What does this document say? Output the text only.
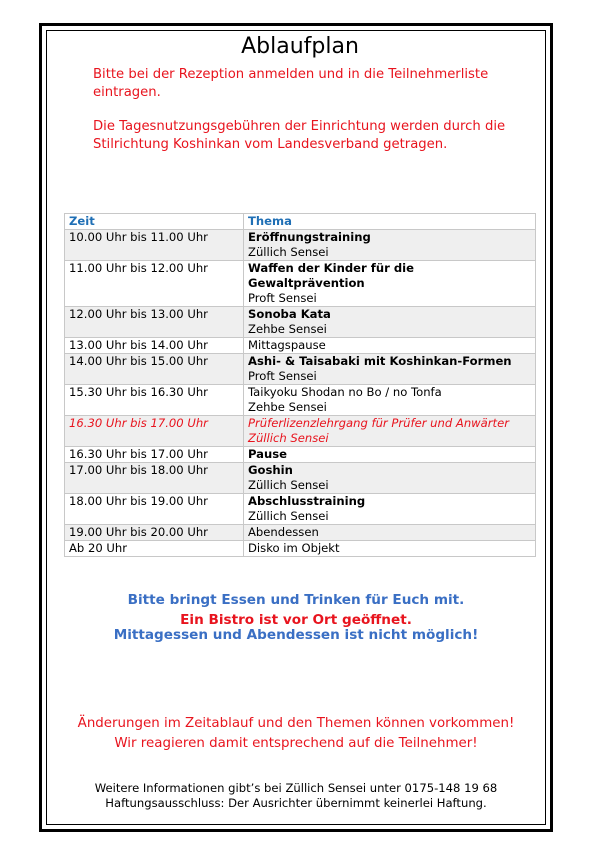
Ablaufplan
Bitte bei der Rezeption anmelden und in die Teilnehmerliste eintragen.
Die Tagesnutzungsgebühren der Einrichtung werden durch die Stilrichtung Koshinkan vom Landesverband getragen.
Zeit	Thema
10.00 Uhr bis 11.00 Uhr	Eröffnungstraining
Züllich Sensei

11.00 Uhr bis 12.00 Uhr	Waffen der Kinder für die Gewaltprävention
Proft Sensei

12.00 Uhr bis 13.00 Uhr	Sonoba Kata
Zehbe Sensei

13.00 Uhr bis 14.00 Uhr	Mittagspause

14.00 Uhr bis 15.00 Uhr	Ashi- & Taisabaki mit Koshinkan-Formen
Proft Sensei

15.30 Uhr bis 16.30 Uhr	Taikyoku Shodan no Bo / no Tonfa
Zehbe Sensei

16.30 Uhr bis 17.00 Uhr	Prüferlizenzlehrgang für Prüfer und Anwärter
Züllich Sensei

16.30 Uhr bis 17.00 Uhr	Pause

17.00 Uhr bis 18.00 Uhr	Goshin
Züllich Sensei

18.00 Uhr bis 19.00 Uhr	Abschlusstraining
Züllich Sensei

19.00 Uhr bis 20.00 Uhr	Abendessen

Ab 20 Uhr	Disko im Objekt
Bitte bringt Essen und Trinken für Euch mit.
Ein Bistro ist vor Ort geöffnet.
Mittagessen und Abendessen ist nicht möglich!
Änderungen im Zeitablauf und den Themen können vorkommen!
Wir reagieren damit entsprechend auf die Teilnehmer!
Weitere Informationen gibt’s bei Züllich Sensei unter 0175-148 19 68
Haftungsausschluss: Der Ausrichter übernimmt keinerlei Haftung.
